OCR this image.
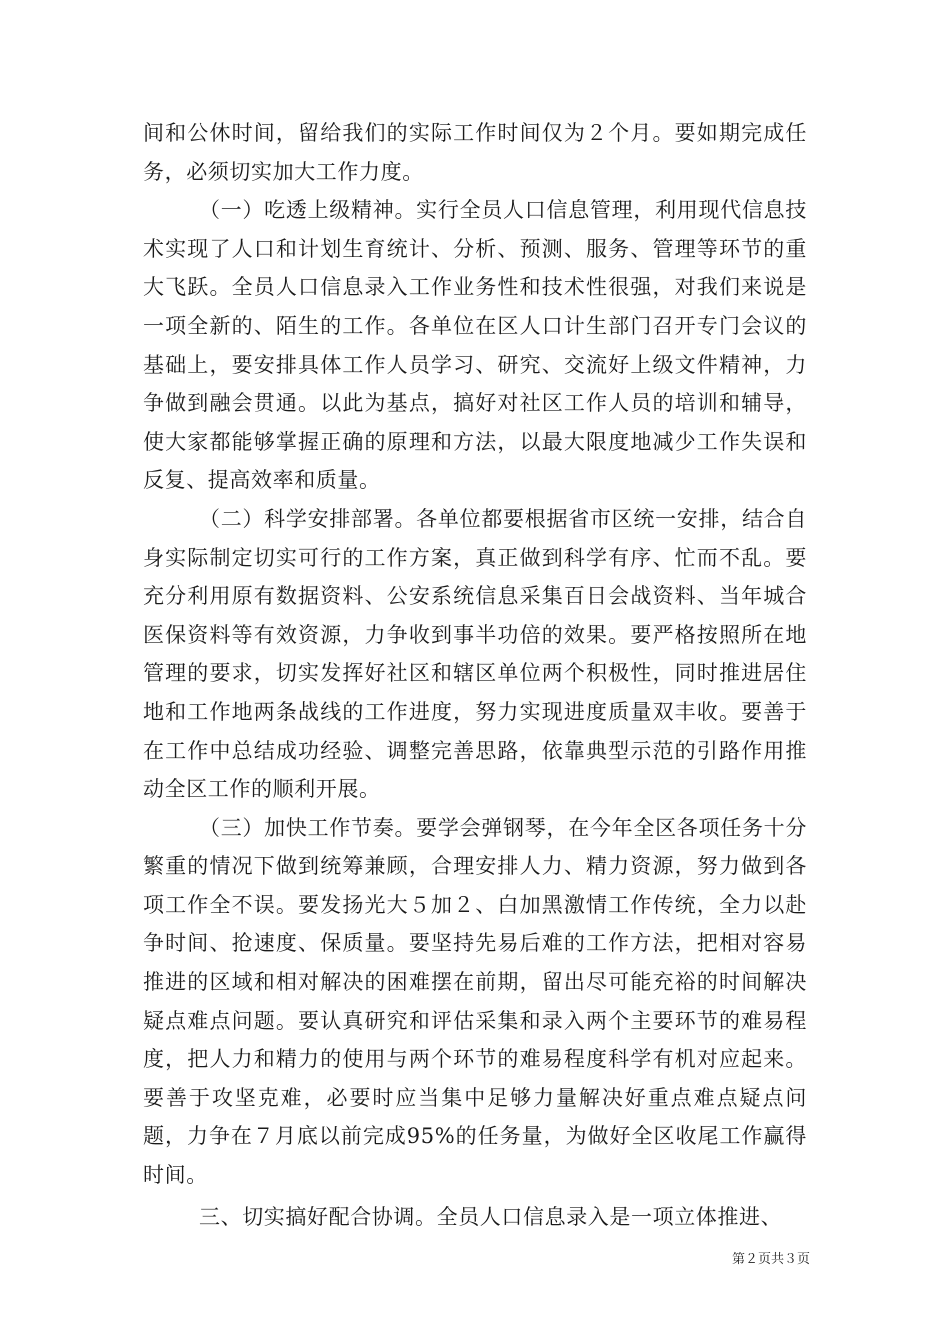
间和公休时间，留给我们的实际工作时间仅为２个月。要如期完成任务，必须切实加大工作力度。

（一）吃透上级精神。实行全员人口信息管理，利用现代信息技术实现了人口和计划生育统计、分析、预测、服务、管理等环节的重大飞跃。全员人口信息录入工作业务性和技术性很强，对我们来说是一项全新的、陌生的工作。各单位在区人口计生部门召开专门会议的基础上，要安排具体工作人员学习、研究、交流好上级文件精神，力争做到融会贯通。以此为基点，搞好对社区工作人员的培训和辅导，使大家都能够掌握正确的原理和方法，以最大限度地减少工作失误和反复、提高效率和质量。

（二）科学安排部署。各单位都要根据省市区统一安排，结合自身实际制定切实可行的工作方案，真正做到科学有序、忙而不乱。要充分利用原有数据资料、公安系统信息采集百日会战资料、当年城合医保资料等有效资源，力争收到事半功倍的效果。要严格按照所在地管理的要求，切实发挥好社区和辖区单位两个积极性，同时推进居住地和工作地两条战线的工作进度，努力实现进度质量双丰收。要善于在工作中总结成功经验、调整完善思路，依靠典型示范的引路作用推动全区工作的顺利开展。

（三）加快工作节奏。要学会弹钢琴，在今年全区各项任务十分繁重的情况下做到统筹兼顾，合理安排人力、精力资源，努力做到各项工作全不误。要发扬光大５加２、白加黑激情工作传统，全力以赴争时间、抢速度、保质量。要坚持先易后难的工作方法，把相对容易推进的区域和相对解决的困难摆在前期，留出尽可能充裕的时间解决疑点难点问题。要认真研究和评估采集和录入两个主要环节的难易程度，把人力和精力的使用与两个环节的难易程度科学有机对应起来。要善于攻坚克难，必要时应当集中足够力量解决好重点难点疑点问题，力争在７月底以前完成95%的任务量，为做好全区收尾工作赢得时间。

三、切实搞好配合协调。全员人口信息录入是一项立体推进、

第２页共３页
